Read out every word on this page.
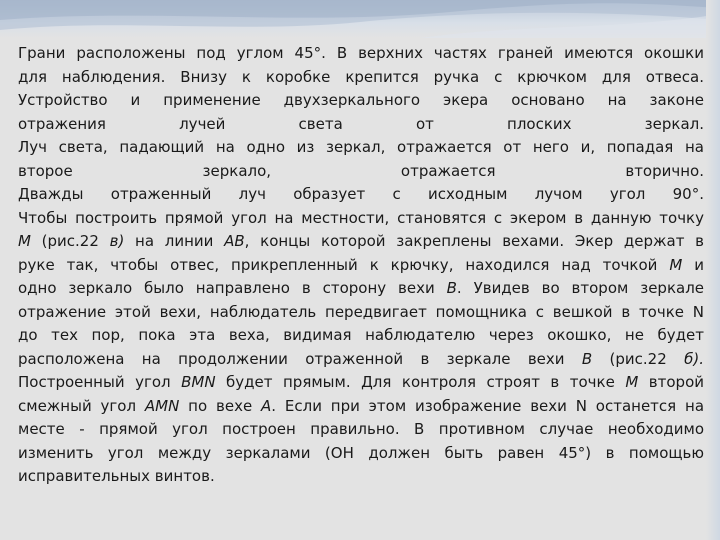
Грани расположены под углом 45°. В верхних частях граней имеются окошки
для наблюдения. Внизу к коробке крепится ручка с крючком для отвеса.
Устройство и применение двухзеркального экера основано на законе
отражения лучей света от плоских зеркал.
Луч света, падающий на одно из зеркал, отражается от него и, попадая на
второе зеркало, отражается вторично.
Дважды отраженный луч образует с исходным лучом угол 90°.
Чтобы построить прямой угол на местности, становятся с экером в данную точку
М (рис.22 в) на линии АВ, концы которой закреплены вехами. Экер держат в
руке так, чтобы отвес, прикрепленный к крючку, находился над точкой М и
одно зеркало было направлено в сторону вехи В. Увидев во втором зеркале
отражение этой вехи, наблюдатель передвигает помощника с вешкой в точке N
до тех пор, пока эта веха, видимая наблюдателю через окошко, не будет
расположена на продолжении отраженной в зеркале вехи В (рис.22 б).
Построенный угол BMN будет прямым. Для контроля строят в точке М второй
смежный угол AMN по вехе А. Если при этом изображение вехи N останется на
месте - прямой угол построен правильно. В противном случае необходимо
изменить угол между зеркалами (ОН должен быть равен 45°) в помощью
исправительных винтов.
